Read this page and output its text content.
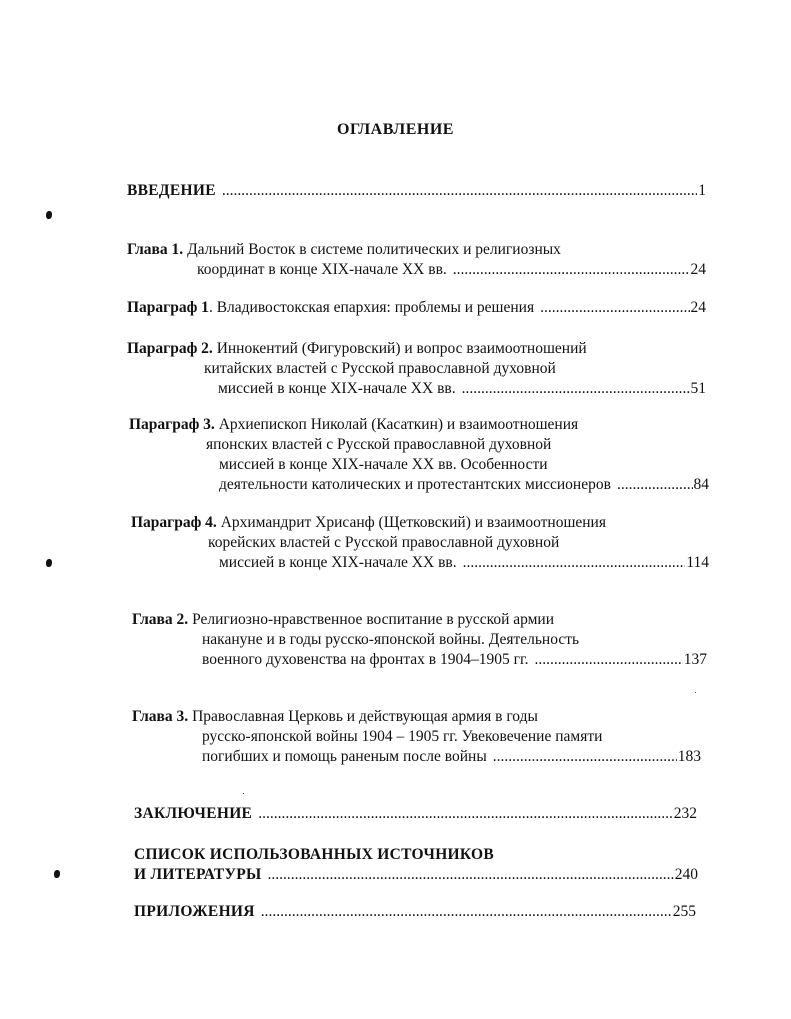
ОГЛАВЛЕНИЕ
ВВЕДЕНИЕ .....	1
Глава 1. Дальний Восток в системе политических и религиозных
координат в конце XIX-начале XX вв. .....	24
Параграф 1. Владивостокская епархия: проблемы и решения .....	24
Параграф 2. Иннокентий (Фигуровский) и вопрос взаимоотношений
китайских властей с Русской православной духовной
миссией в конце XIX-начале XX вв. .....	51
Параграф 3. Архиепископ Николай (Касаткин) и взаимоотношения
японских властей с Русской православной духовной
миссией в конце XIX-начале XX вв. Особенности
деятельности католических и протестантских миссионеров .....	84
Параграф 4. Архимандрит Хрисанф (Щетковский) и взаимоотношения
корейских властей с Русской православной духовной
миссией в конце XIX-начале XX вв. .....	114
Глава 2. Религиозно-нравственное воспитание в русской армии
накануне и в годы русско-японской войны. Деятельность
военного духовенства на фронтах в 1904–1905 гг. .....	137
Глава 3. Православная Церковь и действующая армия в годы
русско-японской войны 1904 – 1905 гг. Увековечение памяти
погибших и помощь раненым после войны .....	183
ЗАКЛЮЧЕНИЕ .....	232
СПИСОК ИСПОЛЬЗОВАННЫХ ИСТОЧНИКОВ
И ЛИТЕРАТУРЫ .....	240
ПРИЛОЖЕНИЯ .....	255
